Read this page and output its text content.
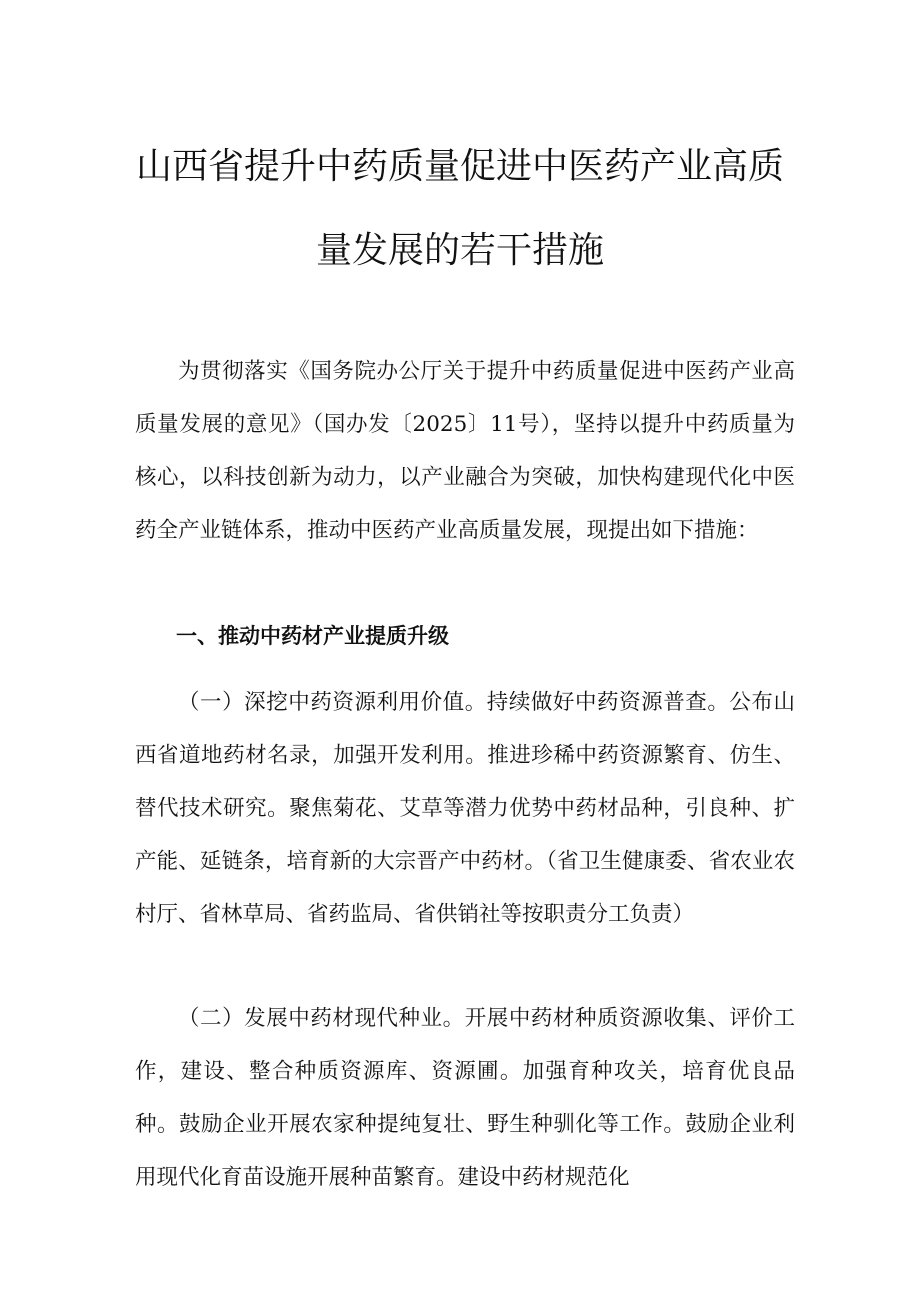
山西省提升中药质量促进中医药产业高质
量发展的若干措施

为贯彻落实《国务院办公厅关于提升中药质量促进中医药产业高质量发展的意见》（国办发〔2025〕11号），坚持以提升中药质量为核心，以科技创新为动力，以产业融合为突破，加快构建现代化中医药全产业链体系，推动中医药产业高质量发展，现提出如下措施：

一、推动中药材产业提质升级

（一）深挖中药资源利用价值。持续做好中药资源普查。公布山西省道地药材名录，加强开发利用。推进珍稀中药资源繁育、仿生、替代技术研究。聚焦菊花、艾草等潜力优势中药材品种，引良种、扩产能、延链条，培育新的大宗晋产中药材。（省卫生健康委、省农业农村厅、省林草局、省药监局、省供销社等按职责分工负责）

（二）发展中药材现代种业。开展中药材种质资源收集、评价工作，建设、整合种质资源库、资源圃。加强育种攻关，培育优良品种。鼓励企业开展农家种提纯复壮、野生种驯化等工作。鼓励企业利用现代化育苗设施开展种苗繁育。建设中药材规范化
